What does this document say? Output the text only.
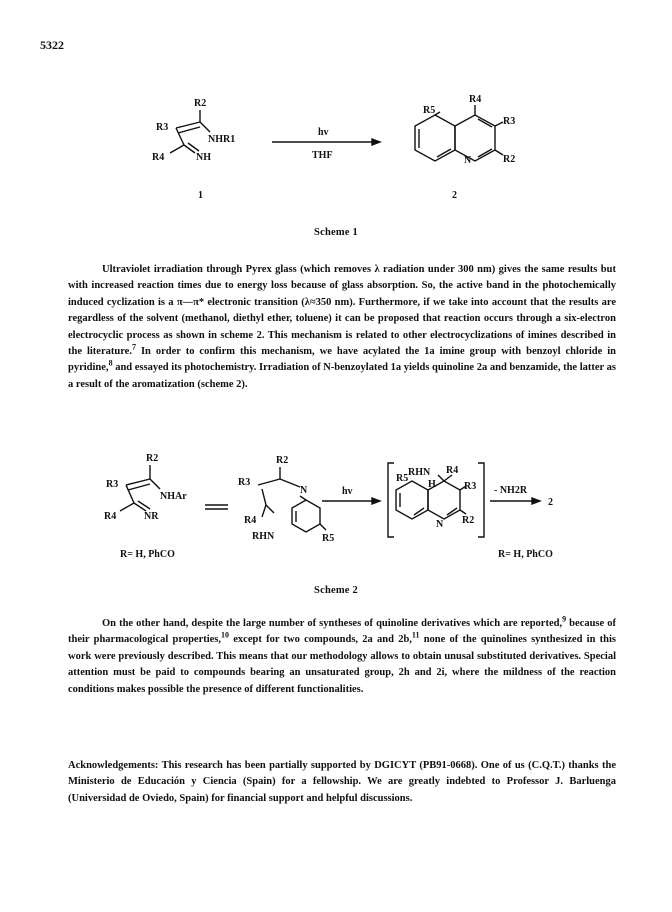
5322
R2
R3
NHR1
R4	NH
1
hv
THF
R5
R4
R3
N	R2
2
Scheme 1

Ultraviolet irradiation through Pyrex glass (which removes λ radiation under 300 nm) gives the same results but with increased reaction times due to energy loss because of glass absorption. So, the active band in the photochemically induced cyclization is a π—π* electronic transition (λ≈350 nm). Furthermore, if we take into account that the results are regardless of the solvent (methanol, diethyl ether, toluene) it can be proposed that reaction occurs through a six-electron electrocyclic process as shown in scheme 2. This mechanism is related to other electrocyclizations of imines described in the literature.$^7$ In order to confirm this mechanism, we have acylated the 1a imine group with benzoyl chloride in pyridine,$^8$ and essayed its photochemistry. Irradiation of N-benzoylated 1a yields quinoline 2a and benzamide, the latter as a result of the aromatization (scheme 2).

R2
R3
NHAr
R4	NR
R2
R3
N
R4
RHN	R5
hv
RHN R4
R5
H	R3
N R2
- NH2R
2
R= H, PhCO	R= H, PhCO
Scheme 2

On the other hand, despite the large number of syntheses of quinoline derivatives which are reported,$^9$ because of their pharmacological properties,$^{10}$ except for two compounds, 2a and 2b,$^{11}$ none of the quinolines synthesized in this work were previously described. This means that our methodology allows to obtain unusal substituted derivatives. Special attention must be paid to compounds bearing an unsaturated group, 2h and 2i, where the mildness of the reaction conditions makes possible the presence of different functionalities.

Acknowledgements: This research has been partially supported by DGICYT (PB91-0668). One of us (C.Q.T.) thanks the Ministerio de Educación y Ciencia (Spain) for a fellowship. We are greatly indebted to Professor J. Barluenga (Universidad de Oviedo, Spain) for financial support and helpful discussions.
